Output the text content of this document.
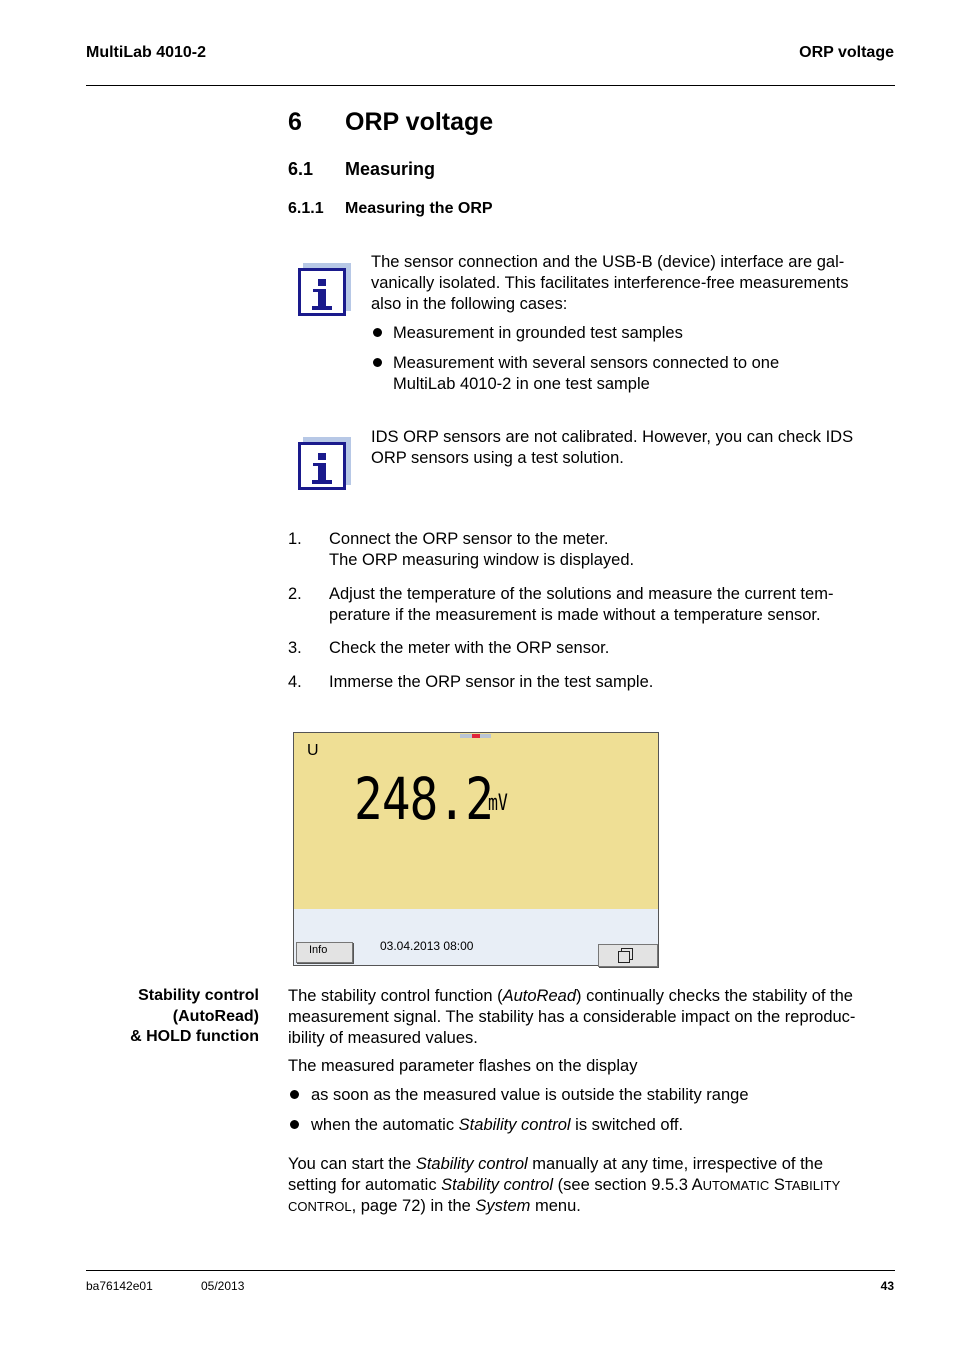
MultiLab 4010-2	ORP voltage
6 ORP voltage
6.1 Measuring
6.1.1 Measuring the ORP
The sensor connection and the USB-B (device) interface are gal-
vanically isolated. This facilitates interference-free measurements
also in the following cases:
Measurement in grounded test samples
Measurement with several sensors connected to one
MultiLab 4010-2 in one test sample
IDS ORP sensors are not calibrated. However, you can check IDS
ORP sensors using a test solution.
1. Connect the ORP sensor to the meter.
The ORP measuring window is displayed.
2. Adjust the temperature of the solutions and measure the current tem-
perature if the measurement is made without a temperature sensor.
3. Check the meter with the ORP sensor.
4. Immerse the ORP sensor in the test sample.
U
248.2
mV
Info	03.04.2013 08:00
Stability control
(AutoRead)
& HOLD function
The stability control function (AutoRead) continually checks the stability of the
measurement signal. The stability has a considerable impact on the reproduc-
ibility of measured values.
The measured parameter flashes on the display
as soon as the measured value is outside the stability range
when the automatic Stability control is switched off.
You can start the Stability control manually at any time, irrespective of the
setting for automatic Stability control (see section 9.5.3 AUTOMATIC STABILITY
CONTROL, page 72) in the System menu.
ba76142e01	05/2013	43
